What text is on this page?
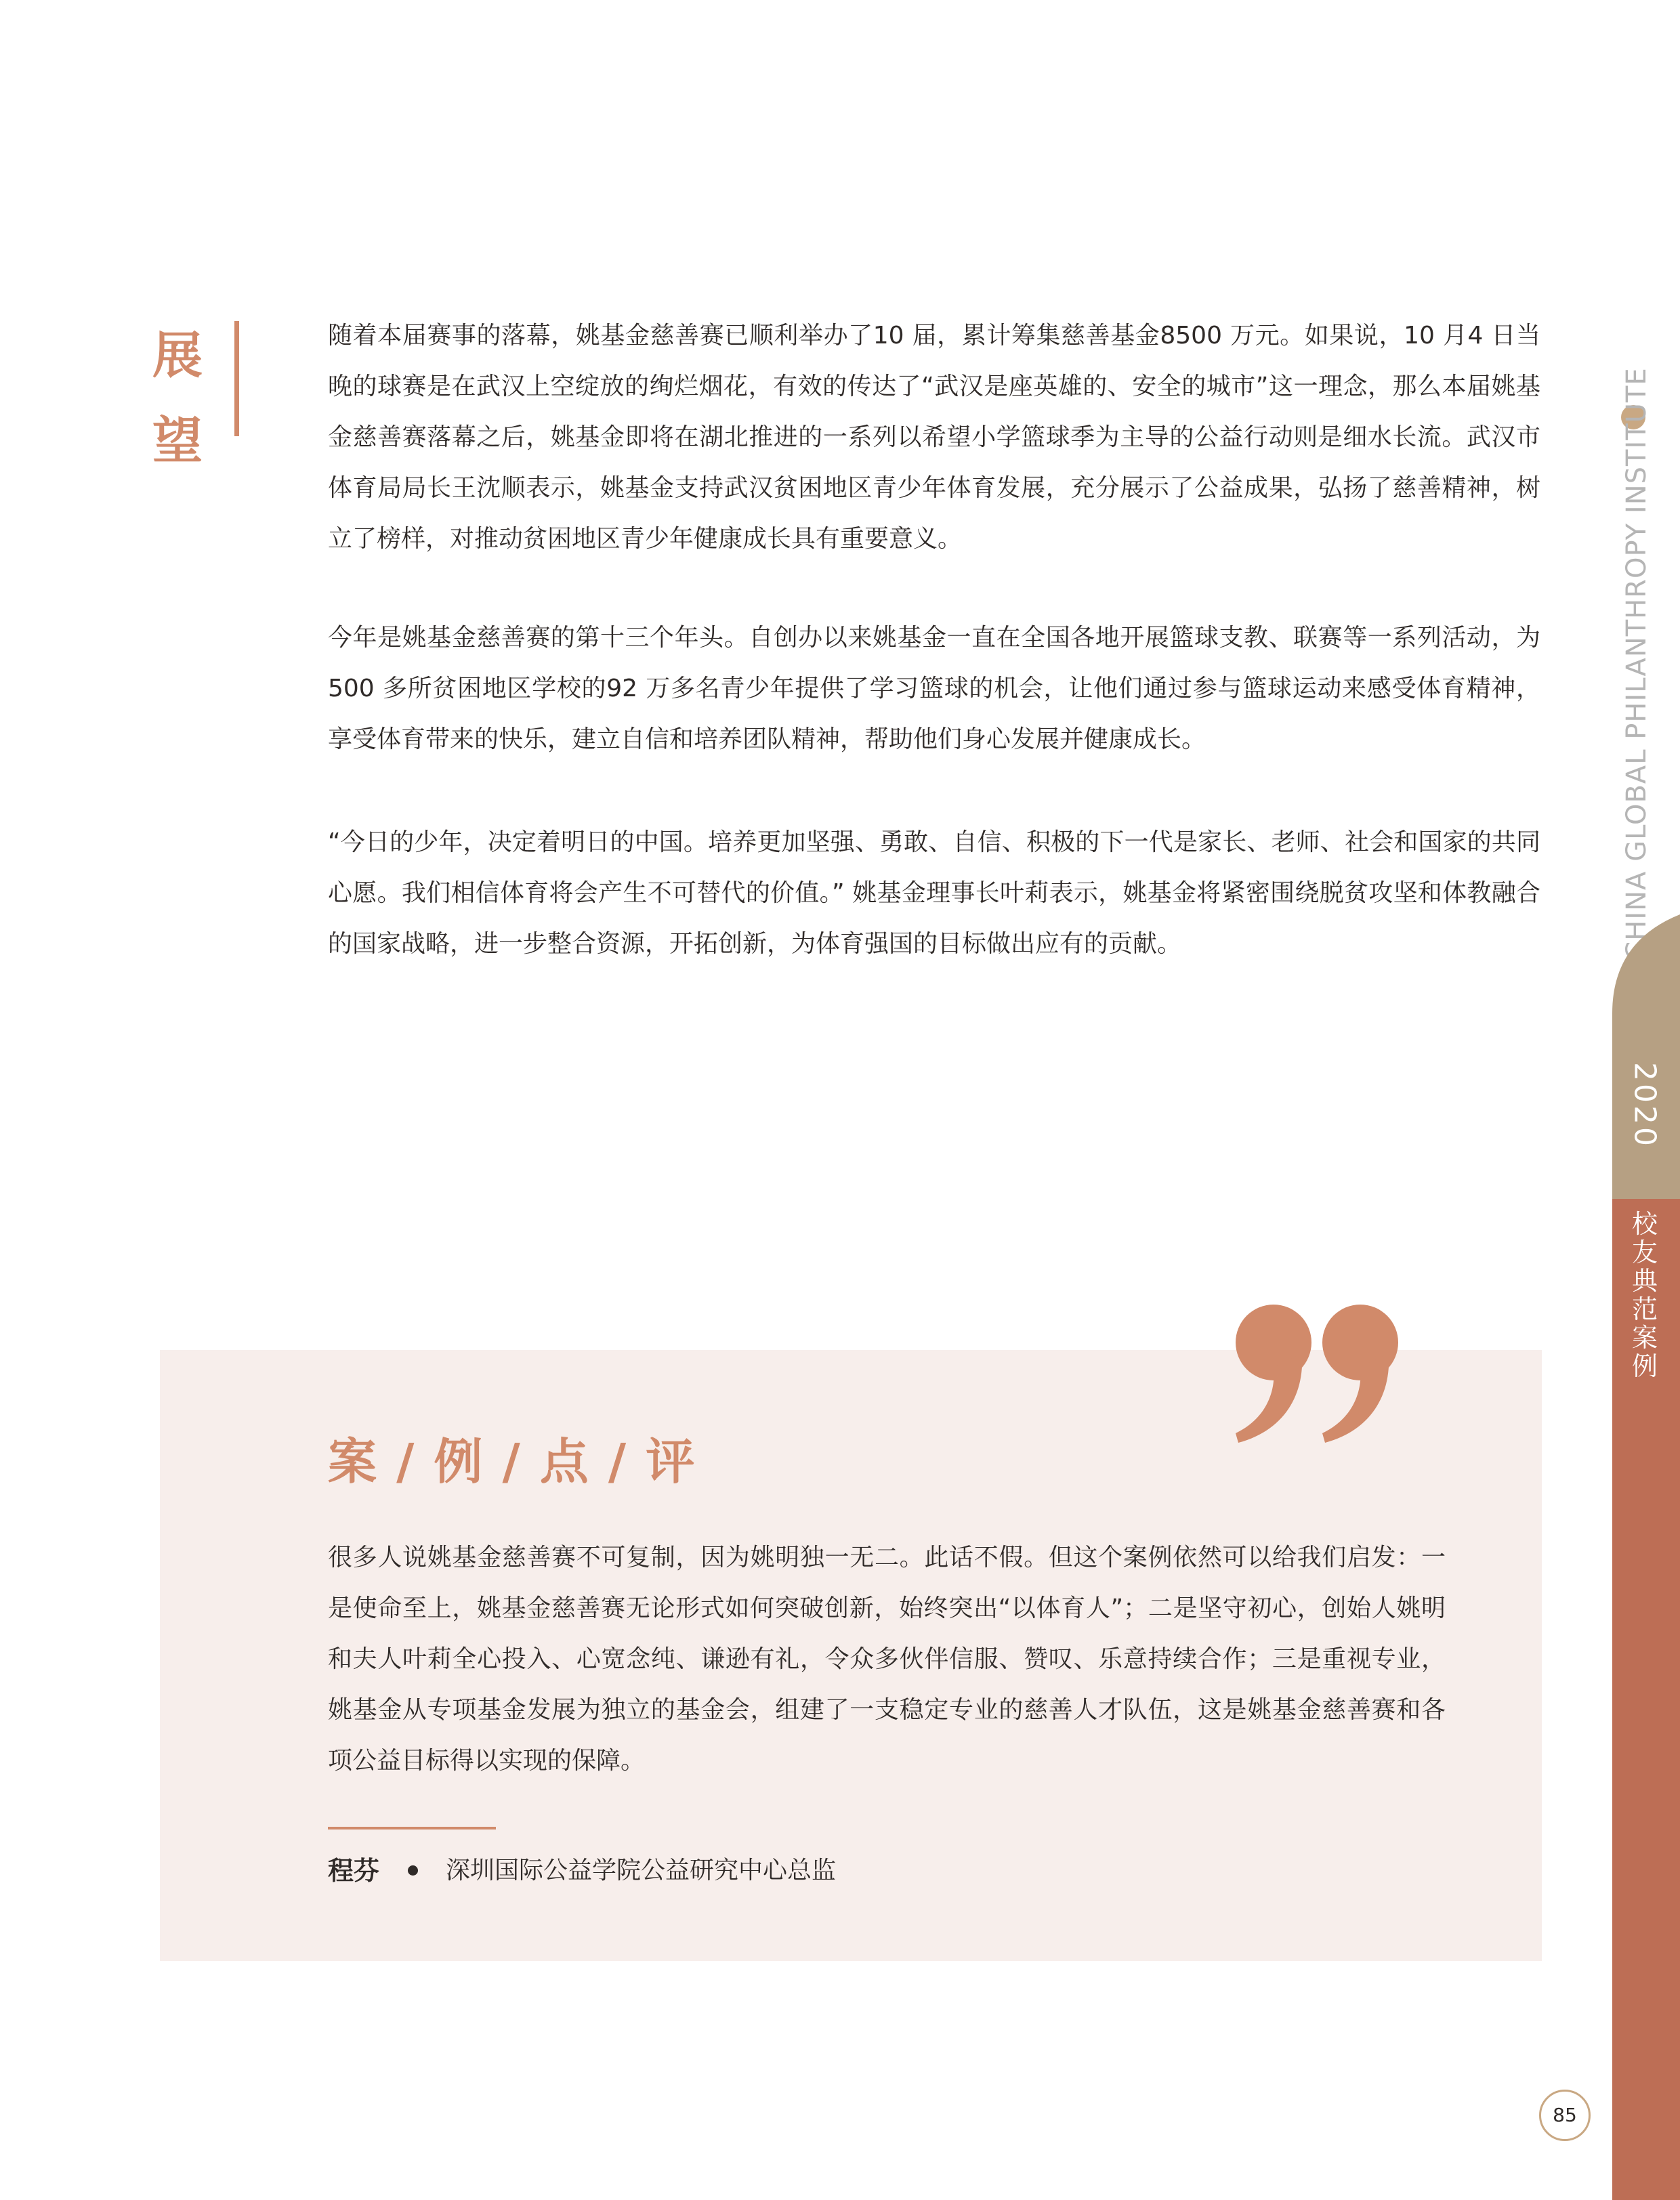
展
望

随着本届赛事的落幕，姚基金慈善赛已顺利举办了10 届，累计筹集慈善基金8500 万元。如果说，10 月4 日当晚的球赛是在武汉上空绽放的绚烂烟花，有效的传达了“武汉是座英雄的、安全的城市”这一理念，那么本届姚基金慈善赛落幕之后，姚基金即将在湖北推进的一系列以希望小学篮球季为主导的公益行动则是细水长流。武汉市体育局局长王沈顺表示，姚基金支持武汉贫困地区青少年体育发展，充分展示了公益成果，弘扬了慈善精神，树立了榜样，对推动贫困地区青少年健康成长具有重要意义。

今年是姚基金慈善赛的第十三个年头。自创办以来姚基金一直在全国各地开展篮球支教、联赛等一系列活动，为500 多所贫困地区学校的92 万多名青少年提供了学习篮球的机会，让他们通过参与篮球运动来感受体育精神，享受体育带来的快乐，建立自信和培养团队精神，帮助他们身心发展并健康成长。

“今日的少年，决定着明日的中国。培养更加坚强、勇敢、自信、积极的下一代是家长、老师、社会和国家的共同心愿。我们相信体育将会产生不可替代的价值。” 姚基金理事长叶莉表示，姚基金将紧密围绕脱贫攻坚和体教融合的国家战略，进一步整合资源，开拓创新，为体育强国的目标做出应有的贡献。	CHINA GLOBAL PHILANTHROPY INSTITUTE
2020
校
友
典
范
案
例
案 / 例 / 点 / 评

很多人说姚基金慈善赛不可复制，因为姚明独一无二。此话不假。但这个案例依然可以给我们启发：一是使命至上，姚基金慈善赛无论形式如何突破创新，始终突出“以体育人”；二是坚守初心，创始人姚明和夫人叶莉全心投入、心宽念纯、谦逊有礼，令众多伙伴信服、赞叹、乐意持续合作；三是重视专业，姚基金从专项基金发展为独立的基金会，组建了一支稳定专业的慈善人才队伍，这是姚基金慈善赛和各项公益目标得以实现的保障。

程芬	深圳国际公益学院公益研究中心总监
85
